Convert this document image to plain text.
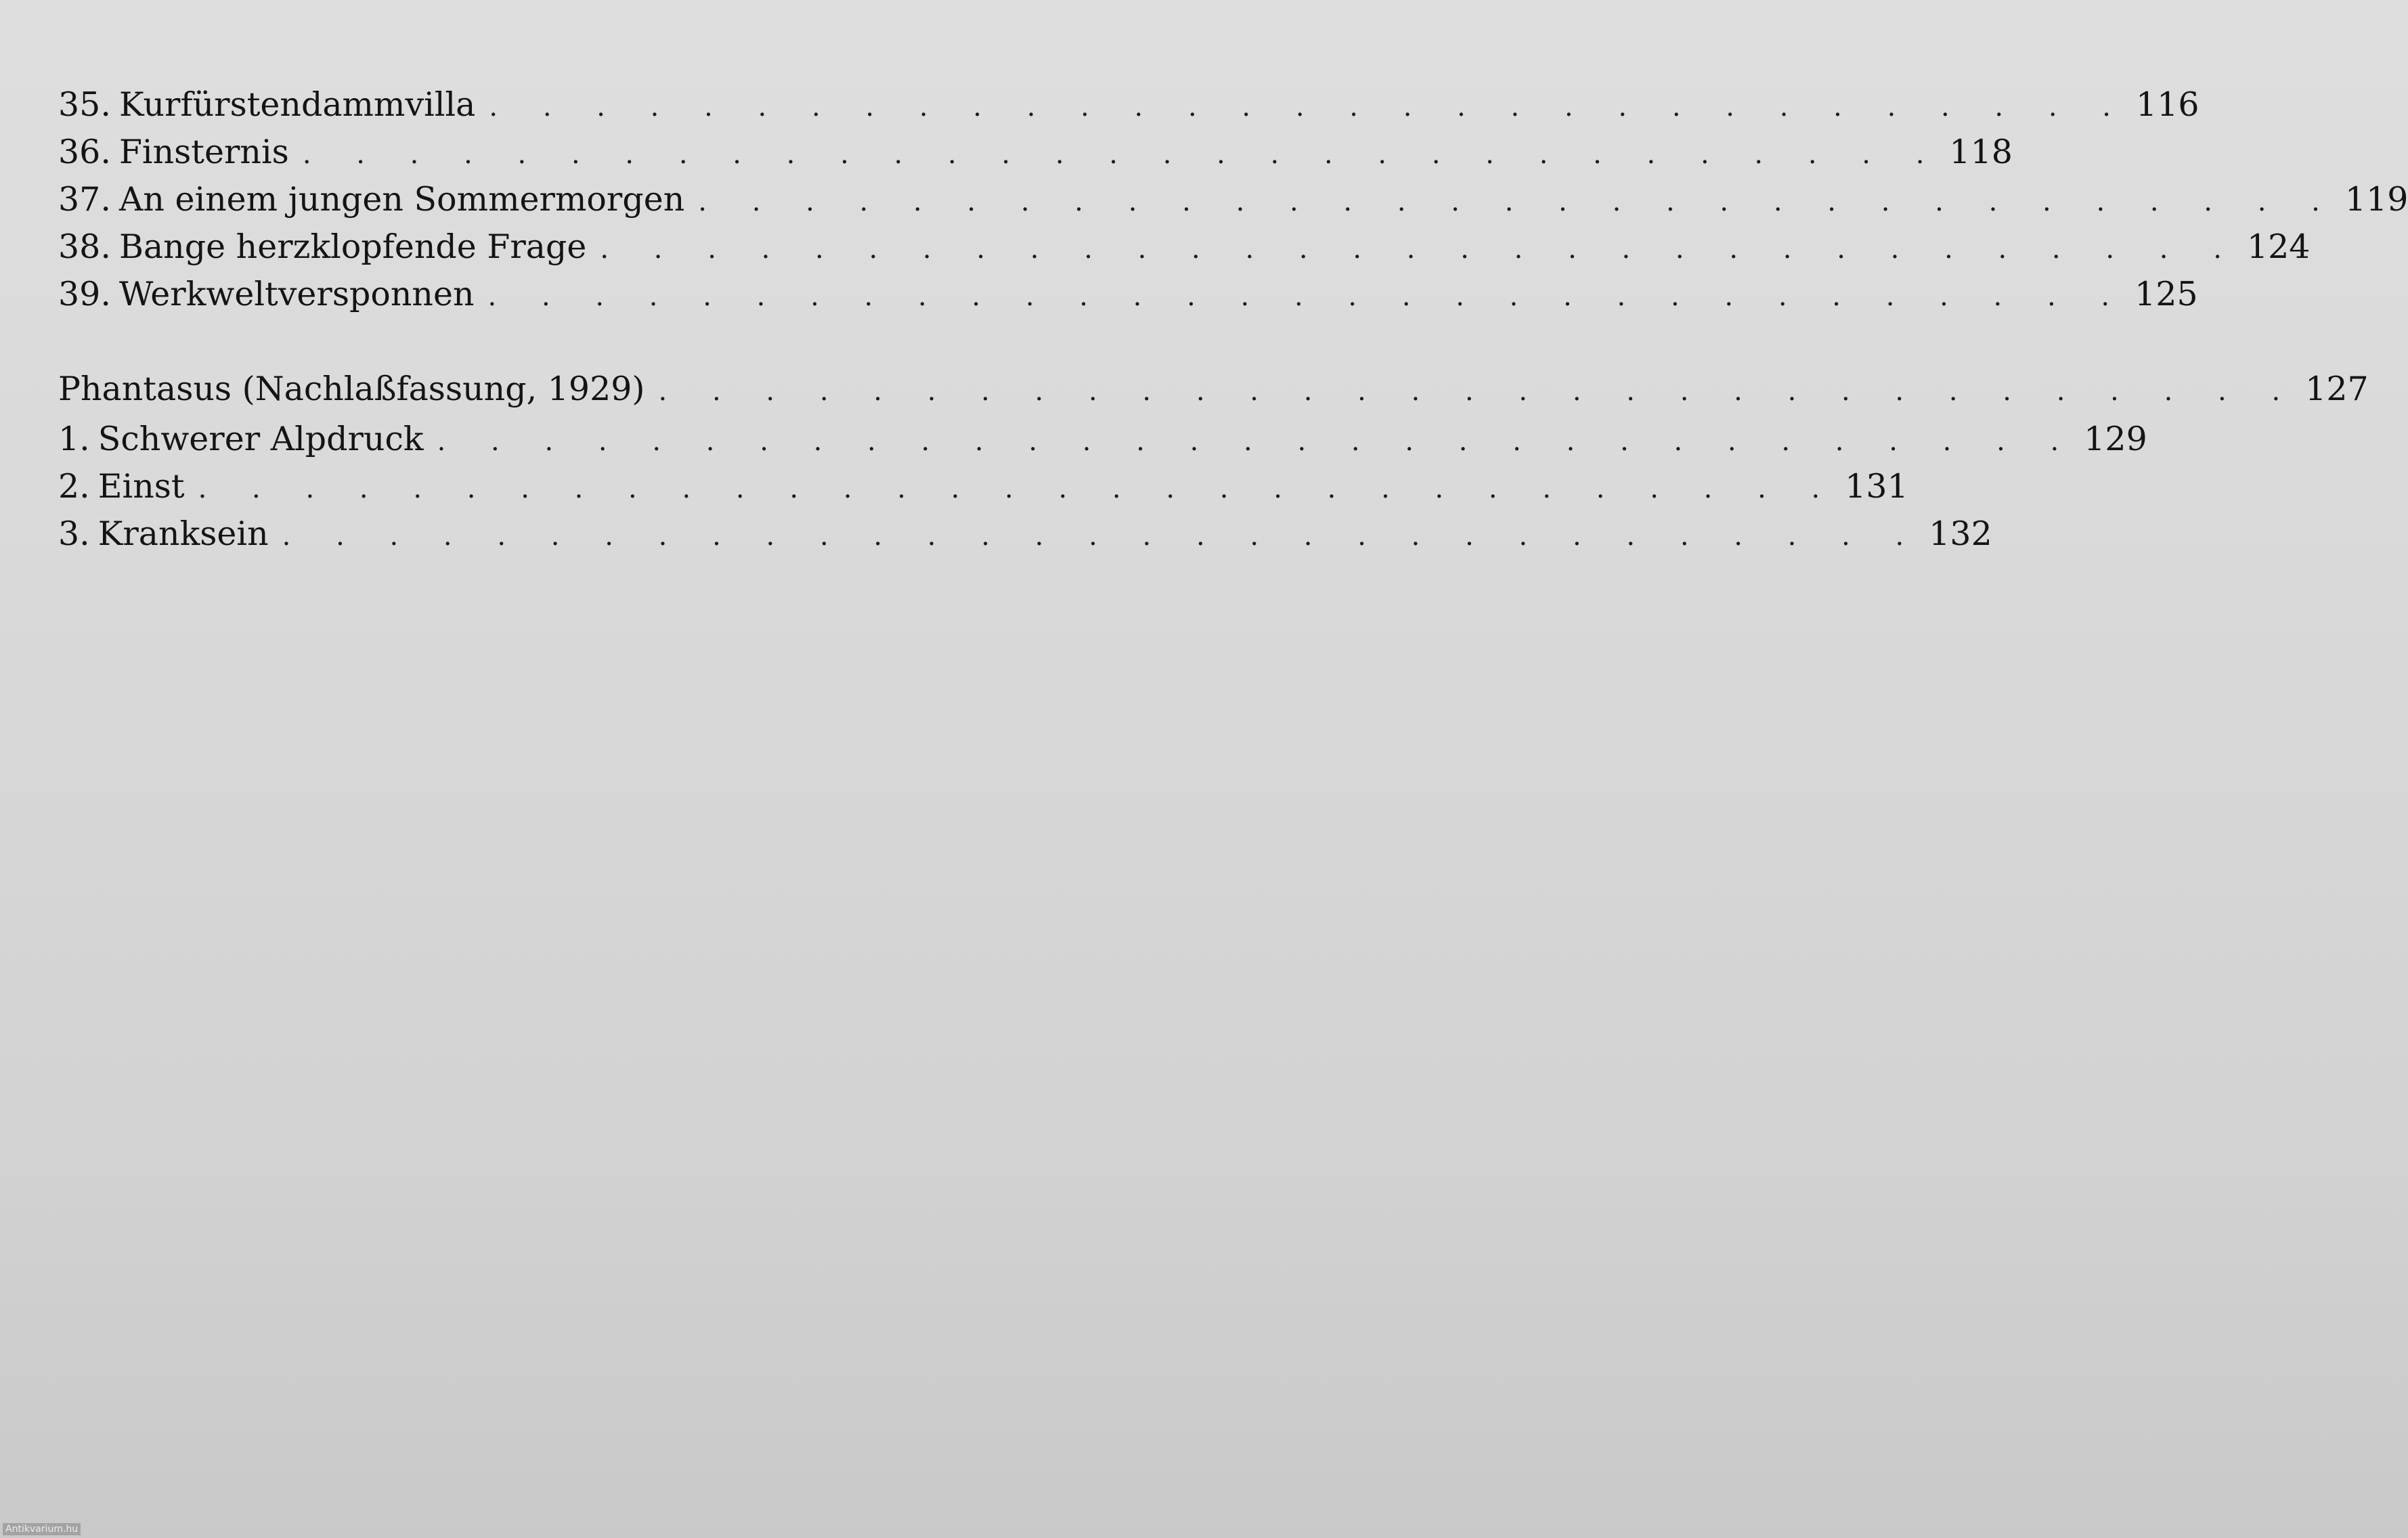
35. Kurfürstendammvilla . . . . . . . . . . . . . . . . . . . . . . . . . . . . . . . 116
36. Finsternis . . . . . . . . . . . . . . . . . . . . . . . . . . . . . . . 118
37. An einem jungen Sommermorgen . . . . . . . . . . . . . . . . . . . . . . . . . . . . . . . 119
38. Bange herzklopfende Frage . . . . . . . . . . . . . . . . . . . . . . . . . . . . . . . 124
39. Werkweltversponnen . . . . . . . . . . . . . . . . . . . . . . . . . . . . . . . 125
Phantasus (Nachlaßfassung, 1929) . . . . . . . . . . . . . . . . . . . . . . . . . . . . . . . 127
1. Schwerer Alpdruck . . . . . . . . . . . . . . . . . . . . . . . . . . . . . . . 129
2. Einst . . . . . . . . . . . . . . . . . . . . . . . . . . . . . . . 131
3. Kranksein . . . . . . . . . . . . . . . . . . . . . . . . . . . . . . . 132
Antikvarium.hu
